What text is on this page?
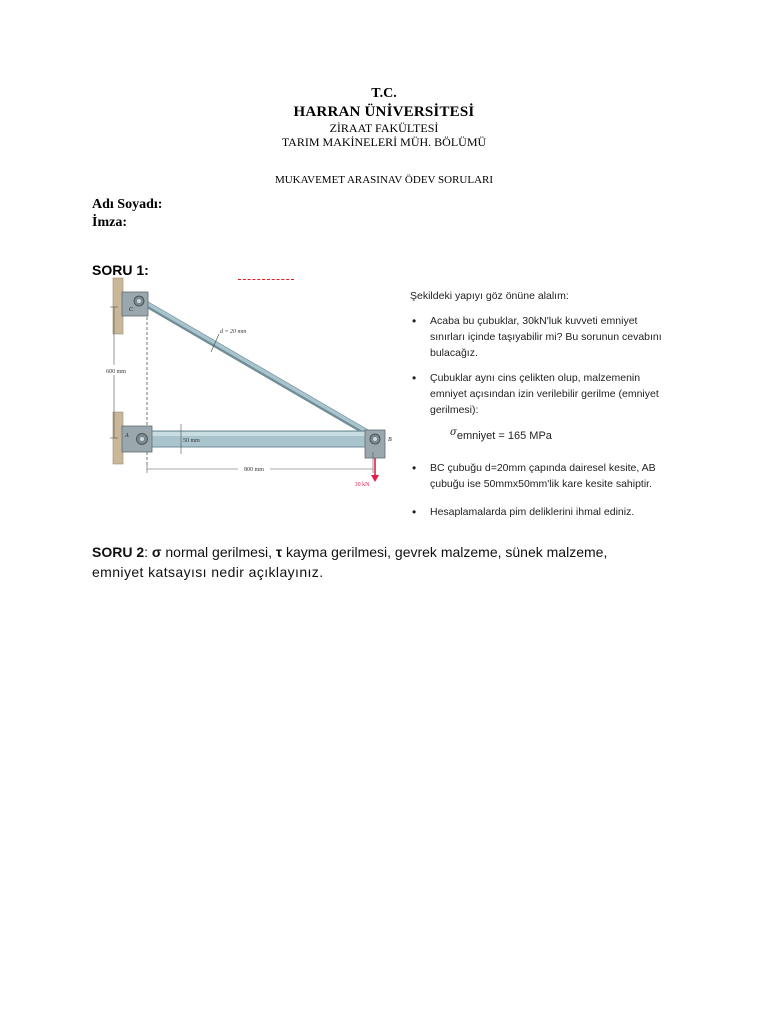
T.C.
HARRAN ÜNİVERSİTESİ
ZİRAAT FAKÜLTESİ
TARIM MAKİNELERİ MÜH. BÖLÜMÜ
MUKAVEMET ARASINAV ÖDEV SORULARI
Adı Soyadı:
İmza:
SORU 1:
600 mm
d = 20 mm
50 mm
C
A
B
800 mm
30 kN

Şekildeki yapıyı göz önüne alalım:

• Acaba bu çubuklar, 30kN'luk kuvveti emniyet sınırları içinde taşıyabilir mi? Bu sorunun cevabını bulacağız.
• Çubuklar aynı cins çelikten olup, malzemenin emniyet açısından izin verilebilir gerilme (emniyet gerilmesi):
σemniyet = 165 MPa
• BC çubuğu d=20mm çapında dairesel kesite, AB çubuğu ise 50mmx50mm'lik kare kesite sahiptir.
• Hesaplamalarda pim deliklerini ihmal ediniz.
SORU 2: σ normal gerilmesi, τ kayma gerilmesi, gevrek malzeme, sünek malzeme,
emniyet katsayısı nedir açıklayınız.
